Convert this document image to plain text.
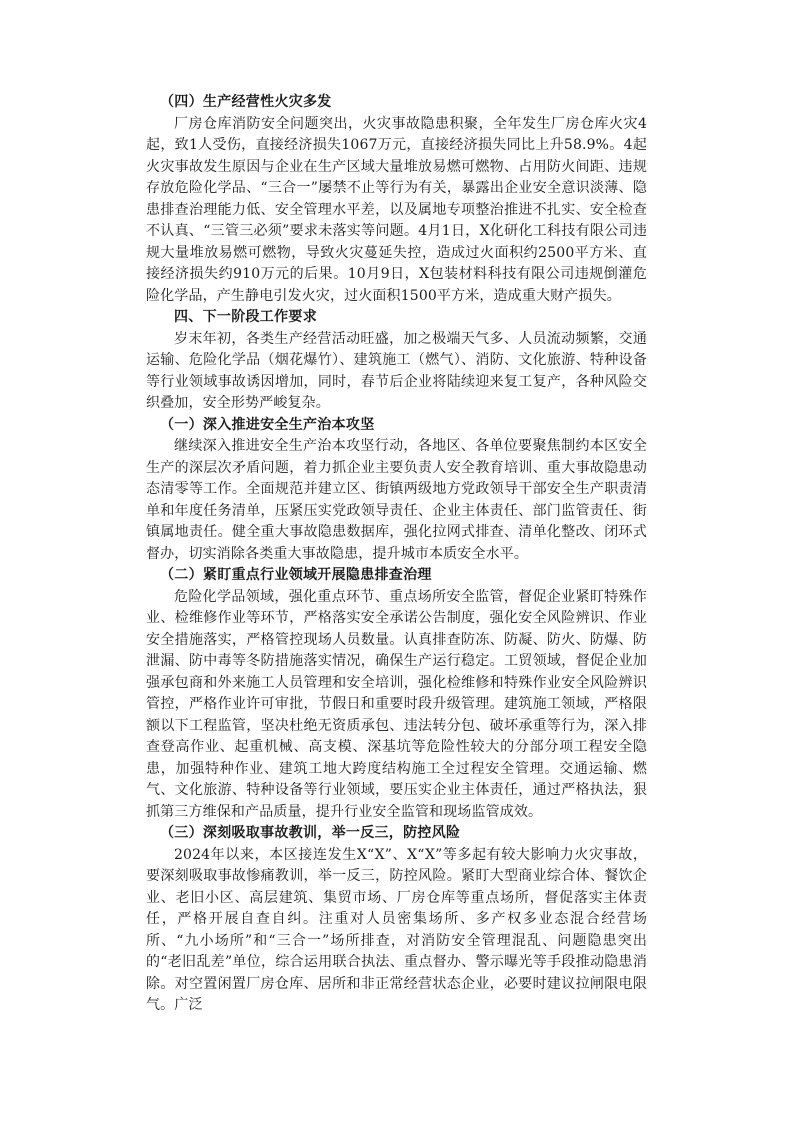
（四）生产经营性火灾多发

厂房仓库消防安全问题突出，火灾事故隐患积聚，全年发生厂房仓库火灾4起，致1人受伤，直接经济损失1067万元，直接经济损失同比上升58.9%。4起火灾事故发生原因与企业在生产区域大量堆放易燃可燃物、占用防火间距、违规存放危险化学品、“三合一”屡禁不止等行为有关，暴露出企业安全意识淡薄、隐患排查治理能力低、安全管理水平差，以及属地专项整治推进不扎实、安全检查不认真、“三管三必须”要求未落实等问题。4月1日，X化研化工科技有限公司违规大量堆放易燃可燃物，导致火灾蔓延失控，造成过火面积约2500平方米、直接经济损失约910万元的后果。10月9日，X包装材料科技有限公司违规倒灌危险化学品，产生静电引发火灾，过火面积1500平方米，造成重大财产损失。

四、下一阶段工作要求

岁末年初，各类生产经营活动旺盛，加之极端天气多、人员流动频繁，交通运输、危险化学品（烟花爆竹）、建筑施工（燃气）、消防、文化旅游、特种设备等行业领域事故诱因增加，同时，春节后企业将陆续迎来复工复产，各种风险交织叠加，安全形势严峻复杂。

（一）深入推进安全生产治本攻坚

继续深入推进安全生产治本攻坚行动，各地区、各单位要聚焦制约本区安全生产的深层次矛盾问题，着力抓企业主要负责人安全教育培训、重大事故隐患动态清零等工作。全面规范并建立区、街镇两级地方党政领导干部安全生产职责清单和年度任务清单，压紧压实党政领导责任、企业主体责任、部门监管责任、街镇属地责任。健全重大事故隐患数据库，强化拉网式排查、清单化整改、闭环式督办，切实消除各类重大事故隐患，提升城市本质安全水平。

（二）紧盯重点行业领域开展隐患排查治理

危险化学品领域，强化重点环节、重点场所安全监管，督促企业紧盯特殊作业、检维修作业等环节，严格落实安全承诺公告制度，强化安全风险辨识、作业安全措施落实，严格管控现场人员数量。认真排查防冻、防凝、防火、防爆、防泄漏、防中毒等冬防措施落实情况，确保生产运行稳定。工贸领域，督促企业加强承包商和外来施工人员管理和安全培训，强化检维修和特殊作业安全风险辨识管控，严格作业许可审批，节假日和重要时段升级管理。建筑施工领域，严格限额以下工程监管，坚决杜绝无资质承包、违法转分包、破坏承重等行为，深入排查登高作业、起重机械、高支模、深基坑等危险性较大的分部分项工程安全隐患，加强特种作业、建筑工地大跨度结构施工全过程安全管理。交通运输、燃气、文化旅游、特种设备等行业领域，要压实企业主体责任，通过严格执法，狠抓第三方维保和产品质量，提升行业安全监管和现场监管成效。

（三）深刻吸取事故教训，举一反三，防控风险

2024年以来，本区接连发生X“X”、X“X”等多起有较大影响力火灾事故，要深刻吸取事故惨痛教训，举一反三，防控风险。紧盯大型商业综合体、餐饮企业、老旧小区、高层建筑、集贸市场、厂房仓库等重点场所，督促落实主体责任，严格开展自查自纠。注重对人员密集场所、多产权多业态混合经营场所、“九小场所”和“三合一”场所排查，对消防安全管理混乱、问题隐患突出的“老旧乱差”单位，综合运用联合执法、重点督办、警示曝光等手段推动隐患消除。对空置闲置厂房仓库、居所和非正常经营状态企业，必要时建议拉闸限电限气。广泛
